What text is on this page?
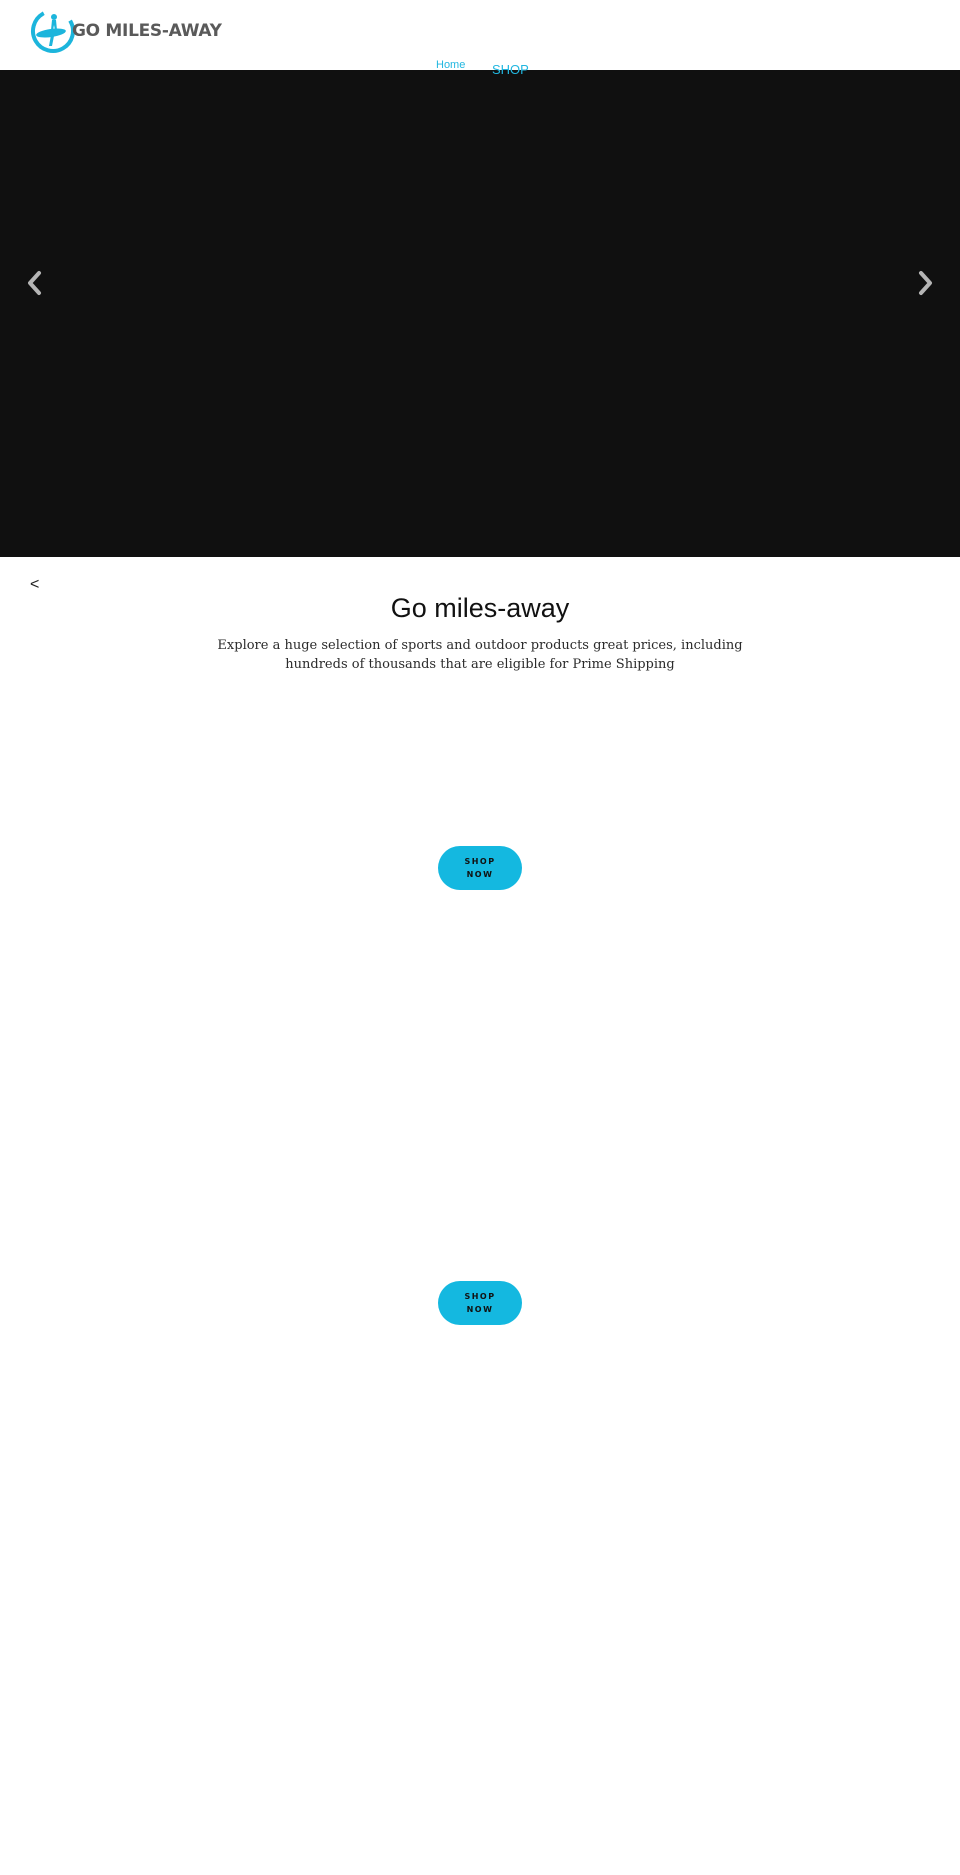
GO MILES-AWAY
Home SHOP
<
Go miles-away

Explore a huge selection of sports and outdoor products great prices, including hundreds of thousands that are eligible for Prime Shipping

SHOP NOW
SHOP NOW
